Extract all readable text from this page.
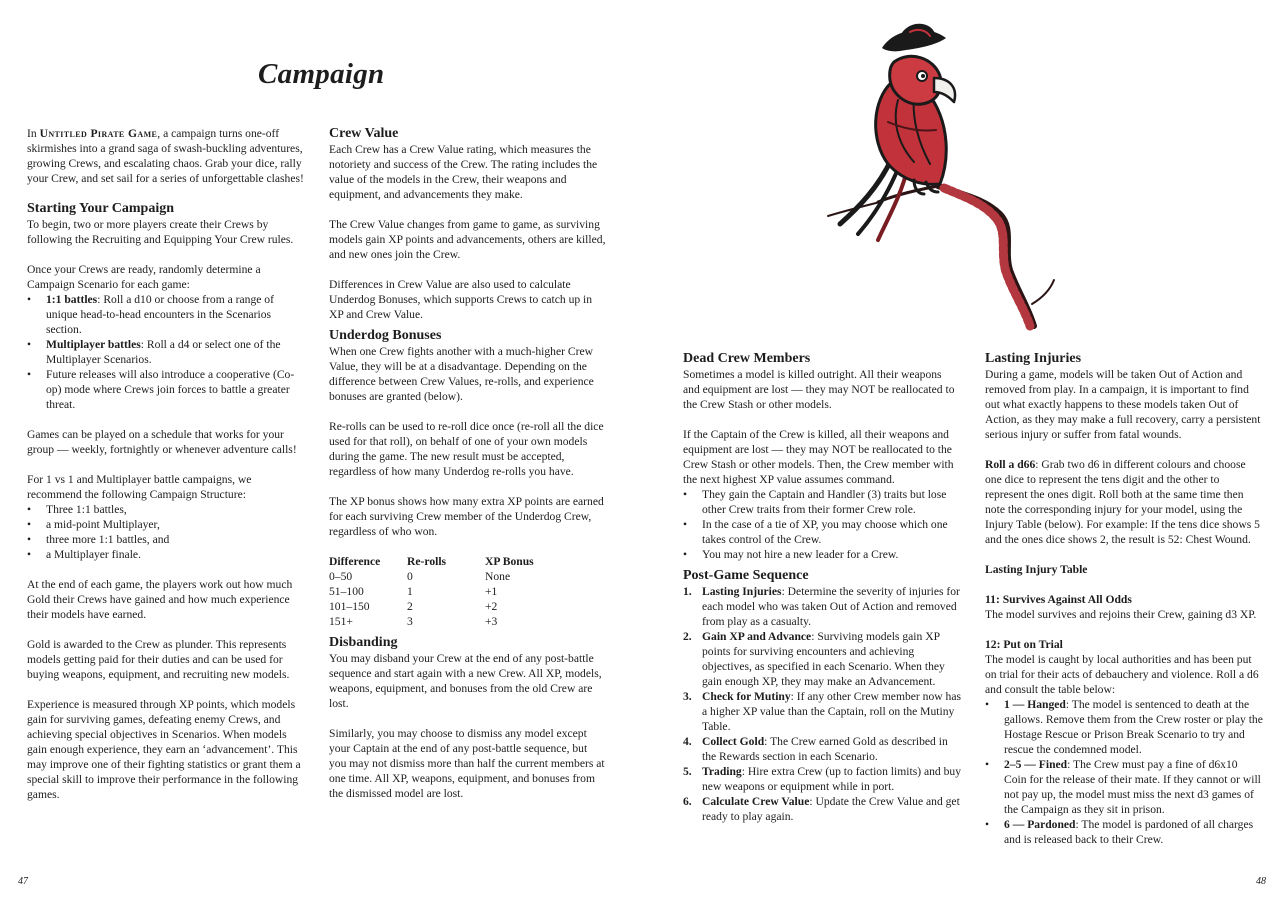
Campaign

In Untitled Pirate Game, a campaign turns one-off skirmishes into a grand saga of swash-buckling adventures, growing Crews, and escalating chaos. Grab your dice, rally your Crew, and set sail for a series of unforgettable clashes!

Starting Your Campaign

To begin, two or more players create their Crews by following the Recruiting and Equipping Your Crew rules.

Once your Crews are ready, randomly determine a Campaign Scenario for each game:

• 1:1 battles: Roll a d10 or choose from a range of unique head-to-head encounters in the Scenarios section.
• Multiplayer battles: Roll a d4 or select one of the Multiplayer Scenarios.
• Future releases will also introduce a cooperative (Co-op) mode where Crews join forces to battle a greater threat.

Games can be played on a schedule that works for your group — weekly, fortnightly or whenever adventure calls!

For 1 vs 1 and Multiplayer battle campaigns, we recommend the following Campaign Structure:

• Three 1:1 battles,
• a mid-point Multiplayer,
• three more 1:1 battles, and
• a Multiplayer finale.

At the end of each game, the players work out how much Gold their Crews have gained and how much experience their models have earned.

Gold is awarded to the Crew as plunder. This represents models getting paid for their duties and can be used for buying weapons, equipment, and recruiting new models.

Experience is measured through XP points, which models gain for surviving games, defeating enemy Crews, and achieving special objectives in Scenarios. When models gain enough experience, they earn an ‘advancement’. This may improve one of their fighting statistics or grant them a special skill to improve their performance in the following games.

Crew Value

Each Crew has a Crew Value rating, which measures the notoriety and success of the Crew. The rating includes the value of the models in the Crew, their weapons and equipment, and advancements they make.

The Crew Value changes from game to game, as surviving models gain XP points and advancements, others are killed, and new ones join the Crew.

Differences in Crew Value are also used to calculate Underdog Bonuses, which supports Crews to catch up in XP and Crew Value.

Underdog Bonuses

When one Crew fights another with a much-higher Crew Value, they will be at a disadvantage. Depending on the difference between Crew Values, re-rolls, and experience bonuses are granted (below).

Re-rolls can be used to re-roll dice once (re-roll all the dice used for that roll), on behalf of one of your own models during the game. The new result must be accepted, regardless of how many Underdog re-rolls you have.

The XP bonus shows how many extra XP points are earned for each surviving Crew member of the Underdog Crew, regardless of who won.

Difference	Re-rolls	XP Bonus
0–50	0	None
51–100	1	+1
101–150	2	+2
151+	3	+3
Disbanding

You may disband your Crew at the end of any post-battle sequence and start again with a new Crew. All XP, models, weapons, equipment, and bonuses from the old Crew are lost.

Similarly, you may choose to dismiss any model except your Captain at the end of any post-battle sequence, but you may not dismiss more than half the current members at one time. All XP, weapons, equipment, and bonuses from the dismissed model are lost.

Dead Crew Members

Sometimes a model is killed outright. All their weapons and equipment are lost — they may NOT be reallocated to the Crew Stash or other models.

If the Captain of the Crew is killed, all their weapons and equipment are lost — they may NOT be reallocated to the Crew Stash or other models. Then, the Crew member with the next highest XP value assumes command.

• They gain the Captain and Handler (3) traits but lose other Crew traits from their former Crew role.
• In the case of a tie of XP, you may choose which one takes control of the Crew.
• You may not hire a new leader for a Crew.
Post-Game Sequence
1. Lasting Injuries: Determine the severity of injuries for each model who was taken Out of Action and removed from play as a casualty.
2. Gain XP and Advance: Surviving models gain XP points for surviving encounters and achieving objectives, as specified in each Scenario. When they gain enough XP, they may make an Advancement.
3. Check for Mutiny: If any other Crew member now has a higher XP value than the Captain, roll on the Mutiny Table.
4. Collect Gold: The Crew earned Gold as described in the Rewards section in each Scenario.
5. Trading: Hire extra Crew (up to faction limits) and buy new weapons or equipment while in port.
6. Calculate Crew Value: Update the Crew Value and get ready to play again.
Lasting Injuries

During a game, models will be taken Out of Action and removed from play. In a campaign, it is important to find out what exactly happens to these models taken Out of Action, as they may make a full recovery, carry a persistent serious injury or suffer from fatal wounds.

Roll a d66: Grab two d6 in different colours and choose one dice to represent the tens digit and the other to represent the ones digit. Roll both at the same time then note the corresponding injury for your model, using the Injury Table (below). For example: If the tens dice shows 5 and the ones dice shows 2, the result is 52: Chest Wound.

Lasting Injury Table

11: Survives Against All Odds

The model survives and rejoins their Crew, gaining d3 XP.

12: Put on Trial

The model is caught by local authorities and has been put on trial for their acts of debauchery and violence. Roll a d6 and consult the table below:

• 1 — Hanged: The model is sentenced to death at the gallows. Remove them from the Crew roster or play the Hostage Rescue or Prison Break Scenario to try and rescue the condemned model.
• 2–5 — Fined: The Crew must pay a fine of d6x10 Coin for the release of their mate. If they cannot or will not pay up, the model must miss the next d3 games of the Campaign as they sit in prison.
• 6 — Pardoned: The model is pardoned of all charges and is released back to their Crew.
47	48
